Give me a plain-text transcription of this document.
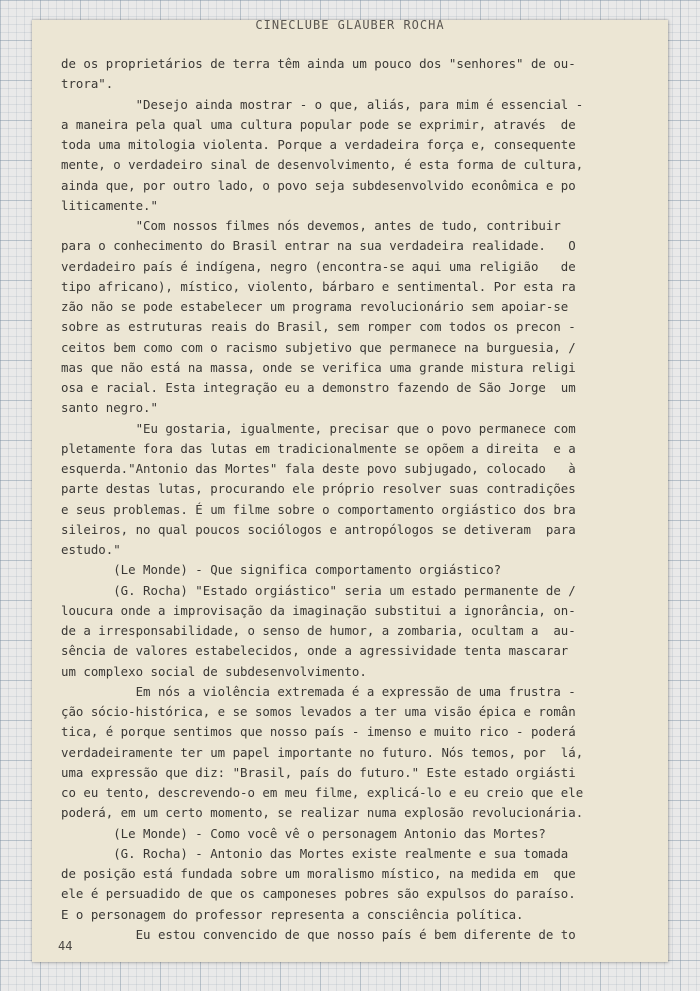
CINECLUBE GLAUBER ROCHA
de os proprietários de terra têm ainda um pouco dos "senhores" de ou-
trora".
"Desejo ainda mostrar - o que, aliás, para mim é essencial -
a maneira pela qual uma cultura popular pode se exprimir, através  de
toda uma mitologia violenta. Porque a verdadeira força e, consequente
mente, o verdadeiro sinal de desenvolvimento, é esta forma de cultura,
ainda que, por outro lado, o povo seja subdesenvolvido econômica e po
liticamente."
"Com nossos filmes nós devemos, antes de tudo, contribuir
para o conhecimento do Brasil entrar na sua verdadeira realidade.   O
verdadeiro país é indígena, negro (encontra-se aqui uma religião   de
tipo africano), místico, violento, bárbaro e sentimental. Por esta ra
zão não se pode estabelecer um programa revolucionário sem apoiar-se
sobre as estruturas reais do Brasil, sem romper com todos os precon -
ceitos bem como com o racismo subjetivo que permanece na burguesia, /
mas que não está na massa, onde se verifica uma grande mistura religi
osa e racial. Esta integração eu a demonstro fazendo de São Jorge  um
santo negro."
"Eu gostaria, igualmente, precisar que o povo permanece com
pletamente fora das lutas em tradicionalmente se opõem a direita  e a
esquerda."Antonio das Mortes" fala deste povo subjugado, colocado   à
parte destas lutas, procurando ele próprio resolver suas contradições
e seus problemas. É um filme sobre o comportamento orgiástico dos bra
sileiros, no qual poucos sociólogos e antropólogos se detiveram  para
estudo."
(Le Monde) - Que significa comportamento orgiástico?
(G. Rocha) "Estado orgiástico" seria um estado permanente de /
loucura onde a improvisação da imaginação substitui a ignorância, on-
de a irresponsabilidade, o senso de humor, a zombaria, ocultam a  au-
sência de valores estabelecidos, onde a agressividade tenta mascarar
um complexo social de subdesenvolvimento.
Em nós a violência extremada é a expressão de uma frustra -
ção sócio-histórica, e se somos levados a ter uma visão épica e român
tica, é porque sentimos que nosso país - imenso e muito rico - poderá
verdadeiramente ter um papel importante no futuro. Nós temos, por  lá,
uma expressão que diz: "Brasil, país do futuro." Este estado orgiásti
co eu tento, descrevendo-o em meu filme, explicá-lo e eu creio que ele
poderá, em um certo momento, se realizar numa explosão revolucionária.
(Le Monde) - Como você vê o personagem Antonio das Mortes?
(G. Rocha) - Antonio das Mortes existe realmente e sua tomada
de posição está fundada sobre um moralismo místico, na medida em  que
ele é persuadido de que os camponeses pobres são expulsos do paraíso.
E o personagem do professor representa a consciência política.
Eu estou convencido de que nosso país é bem diferente de to
44
